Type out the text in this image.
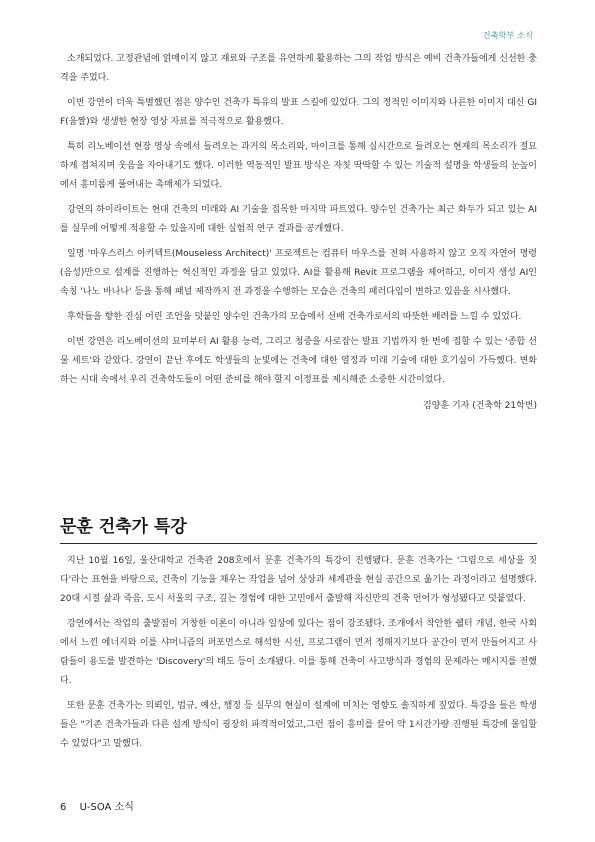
건축학부 소식

소개되었다. 고정관념에 얽매이지 않고 재료와 구조를 유연하게 활용하는 그의 작업 방식은 예비 건축가들에게 신선한 충격을 주었다.

이번 강연이 더욱 특별했던 점은 양수인 건축가 특유의 발표 스킬에 있었다. 그의 정적인 이미지와 나른한 이미지 대신 GIF(움짤)와 생생한 현장 영상 자료를 적극적으로 활용했다.

특히 리노베이션 현장 영상 속에서 들려오는 과거의 목소리와, 마이크를 통해 실시간으로 들려오는 현재의 목소리가 절묘하게 겹쳐지며 웃음을 자아내기도 했다. 이러한 역동적인 발표 방식은 자칫 딱딱할 수 있는 기술적 설명을 학생들의 눈높이에서 흥미롭게 풀어내는 촉매제가 되었다.

강연의 하이라이트는 현대 건축의 미래와 AI 기술을 접목한 마지막 파트였다. 양수인 건축가는 최근 화두가 되고 있는 AI를 실무에 어떻게 적용할 수 있을지에 대한 실험적 연구 결과를 공개했다.

일명 '마우스리스 아키텍트(Mouseless Architect)' 프로젝트는 컴퓨터 마우스를 전혀 사용하지 않고 오직 자연어 명령(음성)만으로 설계를 진행하는 혁신적인 과정을 담고 있었다. AI를 활용해 Revit 프로그램을 제어하고, 이미지 생성 AI인 속칭 '나노 바나나' 등을 통해 패널 제작까지 전 과정을 수행하는 모습은 건축의 패러다임이 변하고 있음을 시사했다.

후학들을 향한 진심 어린 조언을 덧붙인 양수인 건축가의 모습에서 선배 건축가로서의 따뜻한 배려를 느낄 수 있었다.

이번 강연은 리노베이션의 묘미부터 AI 활용 능력, 그리고 청중을 사로잡는 발표 기법까지 한 번에 접할 수 있는 '종합 선물 세트'와 같았다. 강연이 끝난 후에도 학생들의 눈빛에는 건축에 대한 열정과 미래 기술에 대한 호기심이 가득했다. 변화하는 시대 속에서 우리 건축학도들이 어떤 준비를 해야 할지 이정표를 제시해준 소중한 시간이었다.

김양훈 기자 (건축학 21학번)
문훈 건축가 특강

지난 10월 16일, 울산대학교 건축관 208호에서 문훈 건축가의 특강이 진행됐다. 문훈 건축가는 '그림으로 세상을 짓다'라는 표현을 바탕으로, 건축이 기능을 채우는 작업을 넘어 상상과 세계관을 현실 공간으로 옮기는 과정이라고 설명했다. 20대 시절 삶과 죽음, 도시 서울의 구조, 깊는 경험에 대한 고민에서 출발해 자신만의 건축 언어가 형성됐다고 덧붙였다.

강연에서는 작업의 출발점이 거창한 이론이 아니라 일상에 있다는 점이 강조됐다. 조개에서 착안한 쉘터 개념, 한국 사회에서 느낀 에너지와 이를 샤머니즘의 퍼포먼스로 해석한 시선, 프로그램이 먼저 정해지기보다 공간이 먼저 만들어지고 사람들이 용도를 발견하는 'Discovery'의 태도 등이 소개됐다. 이를 통해 건축이 사고방식과 경험의 문제라는 메시지를 전했다.

또한 문훈 건축가는 의뢰인, 법규, 예산, 행정 등 실무의 현실이 설계에 미치는 영향도 솔직하게 짚었다. 특강을 들은 학생들은 "기존 건축가들과 다른 설계 방식이 굉장히 파격적이었고,그런 점이 흥미를 끌어 약 1시간가량 진행된 특강에 몰입할 수 있었다"고 말했다.

6 U-SOA 소식
